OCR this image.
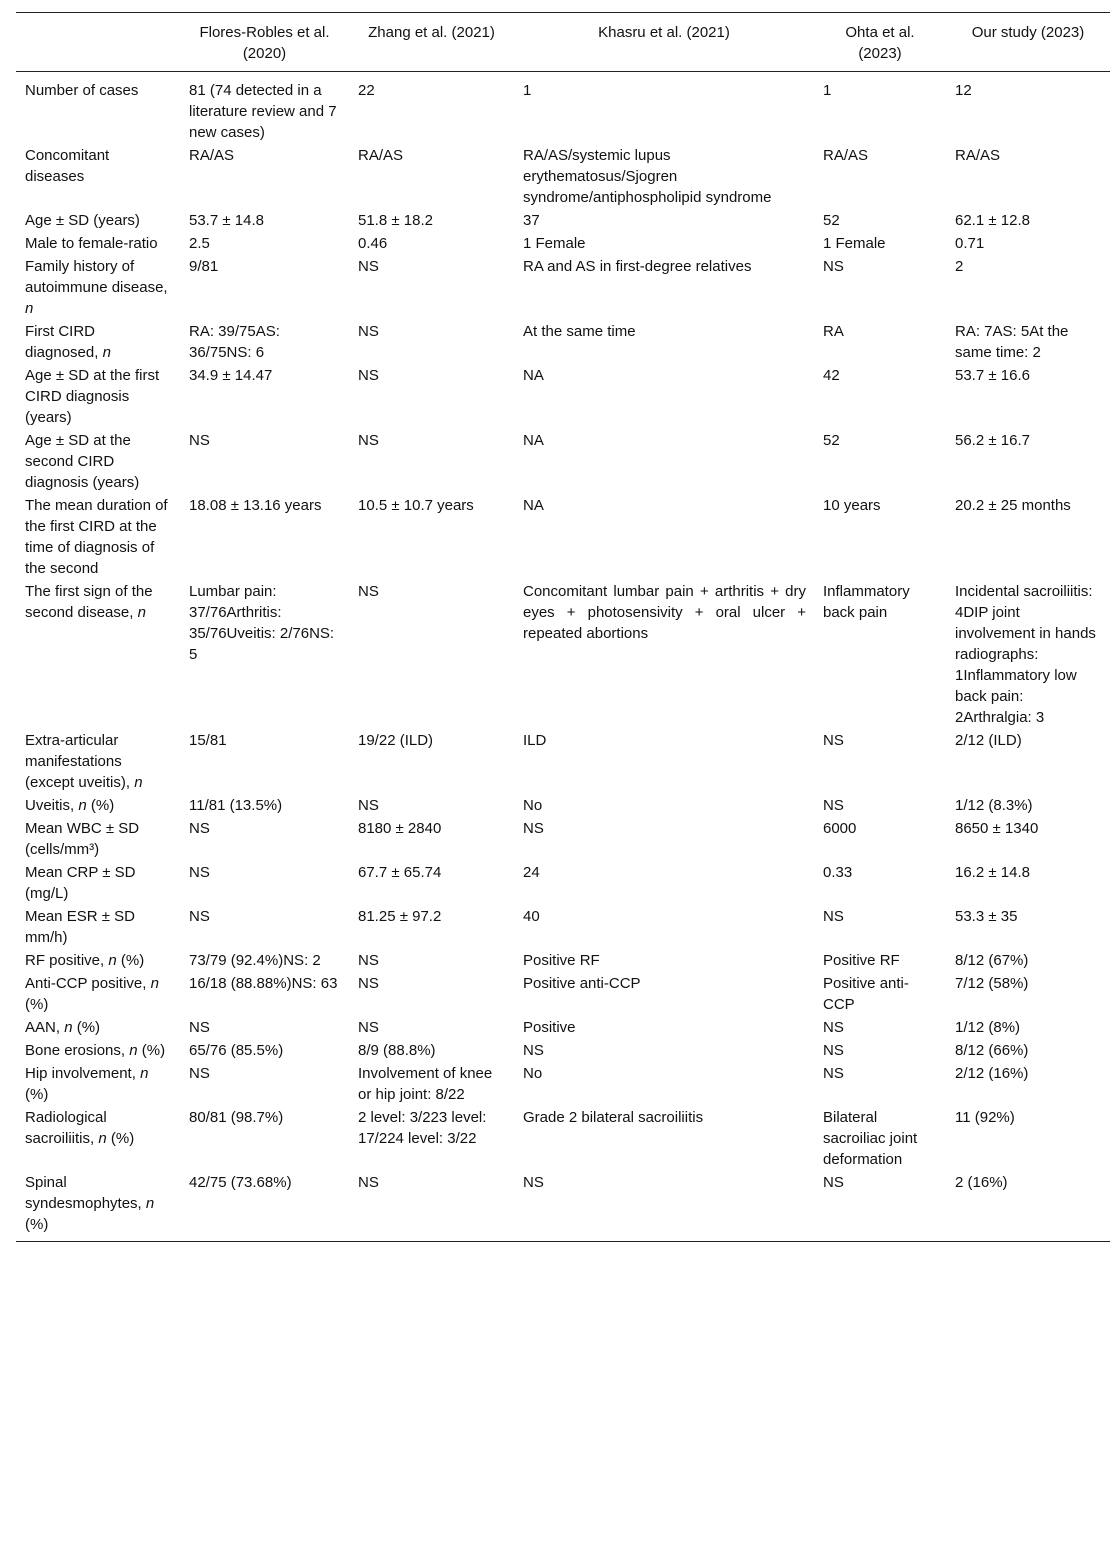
	Flores-Robles et al. (2020)	Zhang et al. (2021)	Khasru et al. (2021)	Ohta et al. (2023)	Our study (2023)
Number of cases	81 (74 detected in a literature review and 7 new cases)	22	1	1	12
Concomitant diseases	RA/AS	RA/AS	RA/AS/systemic lupus erythematosus/Sjogren syndrome/antiphospholipid syndrome	RA/AS	RA/AS
Age ± SD (years)	53.7 ± 14.8	51.8 ± 18.2	37	52	62.1 ± 12.8
Male to female-ratio	2.5	0.46	1 Female	1 Female	0.71
Family history of autoimmune disease, n	9/81	NS	RA and AS in first-degree relatives	NS	2
First CIRD diagnosed, n	RA: 39/75AS: 36/75NS: 6	NS	At the same time	RA	RA: 7AS: 5At the same time: 2
Age ± SD at the first CIRD diagnosis (years)	34.9 ± 14.47	NS	NA	42	53.7 ± 16.6
Age ± SD at the second CIRD diagnosis (years)	NS	NS	NA	52	56.2 ± 16.7
The mean duration of the first CIRD at the time of diagnosis of the second	18.08 ± 13.16 years	10.5 ± 10.7 years	NA	10 years	20.2 ± 25 months
The first sign of the second disease, n	Lumbar pain: 37/76Arthritis: 35/76Uveitis: 2/76NS: 5	NS	Concomitant lumbar pain + arthritis + dry eyes + photosensivity + oral ulcer + repeated abortions	Inflammatory back pain	Incidental sacroiliitis: 4DIP joint involvement in hands radiographs: 1Inflammatory low back pain: 2Arthralgia: 3
Extra-articular manifestations (except uveitis), n	15/81	19/22 (ILD)	ILD	NS	2/12 (ILD)
Uveitis, n (%)	11/81 (13.5%)	NS	No	NS	1/12 (8.3%)
Mean WBC ± SD (cells/mm³)	NS	8180 ± 2840	NS	6000	8650 ± 1340
Mean CRP ± SD (mg/L)	NS	67.7 ± 65.74	24	0.33	16.2 ± 14.8
Mean ESR ± SD mm/h)	NS	81.25 ± 97.2	40	NS	53.3 ± 35
RF positive, n (%)	73/79 (92.4%)NS: 2	NS	Positive RF	Positive RF	8/12 (67%)
Anti-CCP positive, n (%)	16/18 (88.88%)NS: 63	NS	Positive anti-CCP	Positive anti-CCP	7/12 (58%)
AAN, n (%)	NS	NS	Positive	NS	1/12 (8%)
Bone erosions, n (%)	65/76 (85.5%)	8/9 (88.8%)	NS	NS	8/12 (66%)
Hip involvement, n (%)	NS	Involvement of knee or hip joint: 8/22	No	NS	2/12 (16%)
Radiological sacroiliitis, n (%)	80/81 (98.7%)	2 level: 3/223 level: 17/224 level: 3/22	Grade 2 bilateral sacroiliitis	Bilateral sacroiliac joint deformation	11 (92%)
Spinal syndesmophytes, n (%)	42/75 (73.68%)	NS	NS	NS	2 (16%)
